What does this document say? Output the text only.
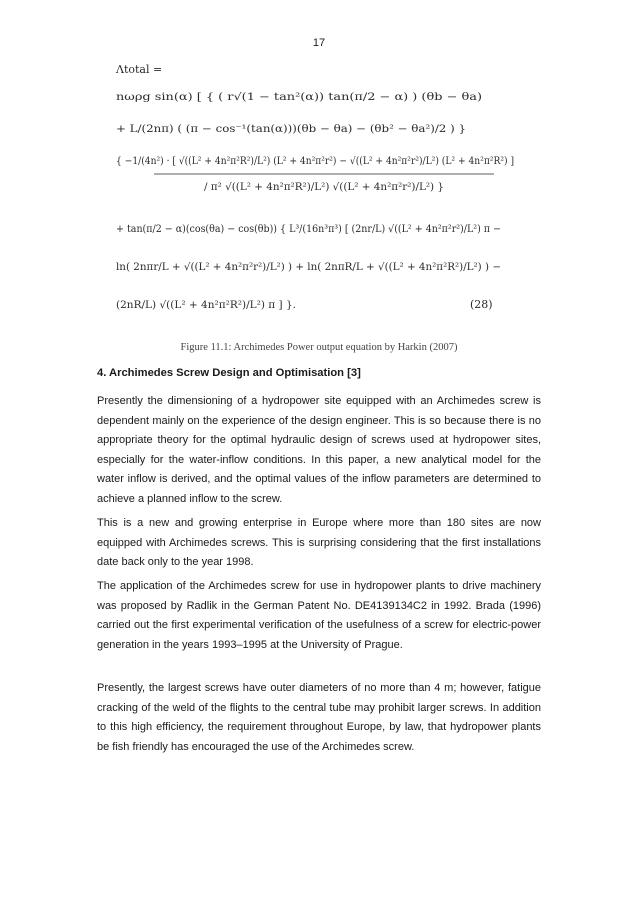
17
Λtotal =
nωρg sin(α) [ { ( r√(1 − tan²(α)) tan(π/2 − α) ) (θb − θa)
+ L/(2nπ) ( (π − cos⁻¹(tan(α)))(θb − θa) − (θb² − θa²)/2 ) }
{ −1/(4n²) · [ √((L² + 4n²π²R²)/L²) (L² + 4n²π²r²) − √((L² + 4n²π²r²)/L²) (L² + 4n²π²R²) ]
/ π² √((L² + 4n²π²R²)/L²) √((L² + 4n²π²r²)/L²) }
+ tan(π/2 − α)(cos(θa) − cos(θb)) { L³/(16n³π³) [ (2nr/L) √((L² + 4n²π²r²)/L²) π −
ln( 2nπr/L + √((L² + 4n²π²r²)/L²) ) + ln( 2nπR/L + √((L² + 4n²π²R²)/L²) ) −
(2nR/L) √((L² + 4n²π²R²)/L²) π ] }.	(28)
Figure 11.1: Archimedes Power output equation by Harkin (2007)
4. Archimedes Screw Design and Optimisation [3]

Presently the dimensioning of a hydropower site equipped with an Archimedes screw is dependent mainly on the experience of the design engineer. This is so because there is no appropriate theory for the optimal hydraulic design of screws used at hydropower sites, especially for the water-inflow conditions. In this paper, a new analytical model for the water inflow is derived, and the optimal values of the inflow parameters are determined to achieve a planned inflow to the screw.

This is a new and growing enterprise in Europe where more than 180 sites are now equipped with Archimedes screws. This is surprising considering that the first installations date back only to the year 1998.

The application of the Archimedes screw for use in hydropower plants to drive machinery was proposed by Radlik in the German Patent No. DE4139134C2 in 1992. Brada (1996) carried out the first experimental verification of the usefulness of a screw for electric-power generation in the years 1993–1995 at the University of Prague.

Presently, the largest screws have outer diameters of no more than 4 m; however, fatigue cracking of the weld of the flights to the central tube may prohibit larger screws. In addition to this high efficiency, the requirement throughout Europe, by law, that hydropower plants be fish friendly has encouraged the use of the Archimedes screw.
